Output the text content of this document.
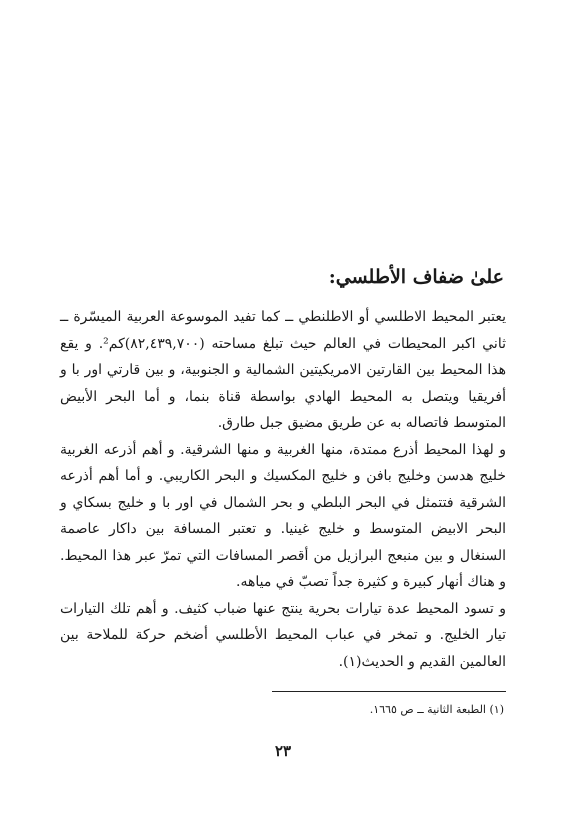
علىٰ ضفاف الأطلسي:

يعتبر المحيط الاطلسي أو الاطلنطي ــ كما تفيد الموسوعة العربية الميسّرة ــ ثاني اكبر المحيطات في العالم حيث تبلغ مساحته (٨٢,٤٣٩,٧٠٠)كم². و يقع هذا المحيط بين القارتين الامريكيتين الشمالية و الجنوبية، و بين قارتي اور با و أفريقيا ويتصل به المحيط الهادي بواسطة قناة بنما، و أما البحر الأبيض المتوسط فاتصاله به عن طريق مضيق جبل طارق.

و لهذا المحيط أذرع ممتدة، منها الغربية و منها الشرقية. و أهم أذرعه الغربية خليج هدسن وخليج بافن و خليج المكسيك و البحر الكاريبي. و أما أهم أذرعه الشرقية فتتمثل في البحر البلطي و بحر الشمال في اور با و خليج بسكاي و البحر الابيض المتوسط و خليج غينيا. و تعتبر المسافة بين داكار عاصمة السنغال و بين منبعج البرازيل من أقصر المسافات التي تمرّ عبر هذا المحيط. و هناك أنهار كبيرة و كثيرة جداً تصبّ في مياهه.

و تسود المحيط عدة تيارات بحرية ينتج عنها ضباب كثيف. و أهم تلك التيارات تيار الخليج. و تمخر في عباب المحيط الأطلسي أضخم حركة للملاحة بين العالمين القديم و الحديث(١).

(١) الطبعة الثانية ــ ص ١٦٦٥.
٢٣
